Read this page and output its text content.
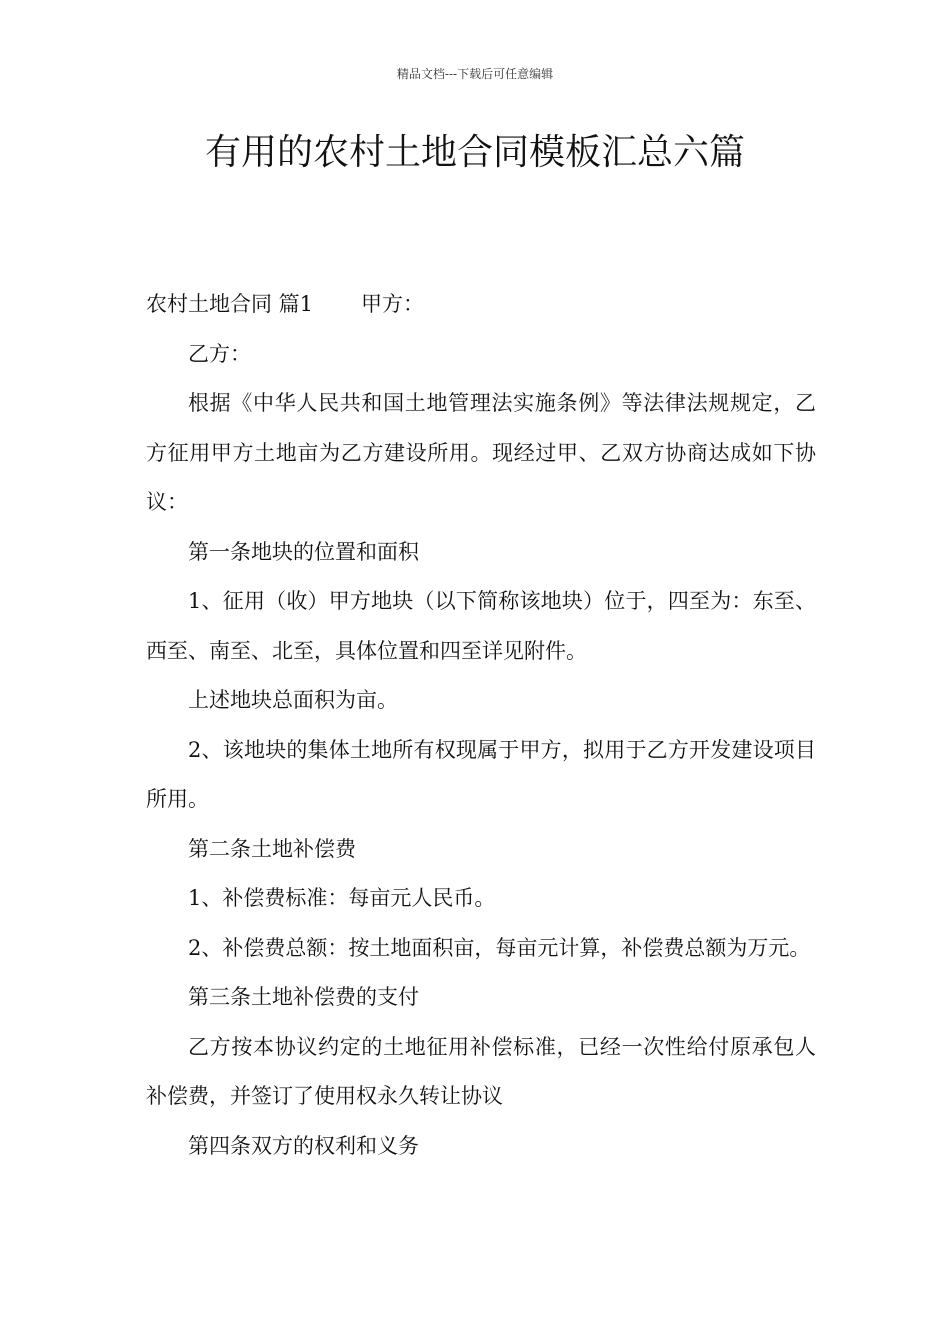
精品文档---下载后可任意编辑
有用的农村土地合同模板汇总六篇

农村土地合同 篇1 甲方：

乙方：

根据《中华人民共和国土地管理法实施条例》等法律法规规定，乙方征用甲方土地亩为乙方建设所用。现经过甲、乙双方协商达成如下协议：

第一条地块的位置和面积

1、征用（收）甲方地块（以下简称该地块）位于，四至为：东至、西至、南至、北至，具体位置和四至详见附件。

上述地块总面积为亩。

2、该地块的集体土地所有权现属于甲方，拟用于乙方开发建设项目所用。

第二条土地补偿费

1、补偿费标准：每亩元人民币。

2、补偿费总额：按土地面积亩，每亩元计算，补偿费总额为万元。

第三条土地补偿费的支付

乙方按本协议约定的土地征用补偿标准，已经一次性给付原承包人补偿费，并签订了使用权永久转让协议

第四条双方的权利和义务
